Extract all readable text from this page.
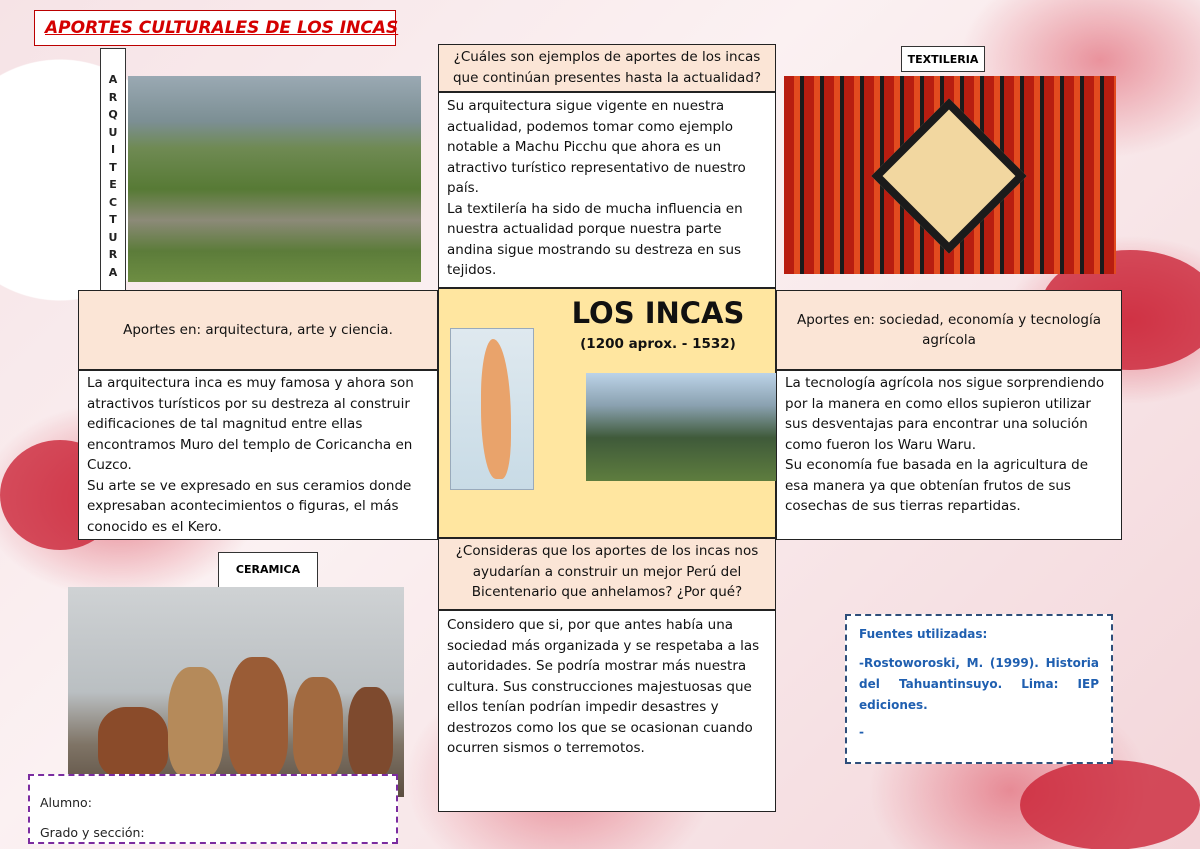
APORTES CULTURALES DE LOS INCAS
A
R
Q
U
I
T
E
C
T
U
R
A
¿Cuáles son ejemplos de aportes de los incas que continúan presentes hasta la actualidad?

Su arquitectura sigue vigente en nuestra actualidad, podemos tomar como ejemplo notable a Machu Picchu que ahora es un atractivo turístico representativo de nuestro país.

La textilería ha sido de mucha influencia en nuestra actualidad porque nuestra parte andina sigue mostrando su destreza en sus tejidos.

TEXTILERIA
Aportes en: arquitectura, arte y ciencia.
Aportes en: sociedad, economía y tecnología agrícola
LOS INCAS
(1200 aprox. - 1532)

La arquitectura inca es muy famosa y ahora son atractivos turísticos por su destreza al construir edificaciones de tal magnitud entre ellas encontramos Muro del templo de Coricancha en Cuzco.

Su arte se ve expresado en sus ceramios donde expresaban acontecimientos o figuras, el más conocido es el Kero.

La tecnología agrícola nos sigue sorprendiendo por la manera en como ellos supieron utilizar sus desventajas para encontrar una solución como fueron los Waru Waru.

Su economía fue basada en la agricultura de esa manera ya que obtenían frutos de sus cosechas de sus tierras repartidas.

CERAMICA
¿Consideras que los aportes de los incas nos ayudarían a construir un mejor Perú del Bicentenario que anhelamos? ¿Por qué?
Considero que si, por que antes había una sociedad más organizada y se respetaba a las autoridades. Se podría mostrar más nuestra cultura. Sus construcciones majestuosas que ellos tenían podrían impedir desastres y destrozos como los que se ocasionan cuando ocurren sismos o terremotos.
Fuentes utilizadas:

-Rostoworoski, M. (1999). Historia del Tahuantinsuyo. Lima: IEP ediciones.

-

Alumno:
Grado y sección:
